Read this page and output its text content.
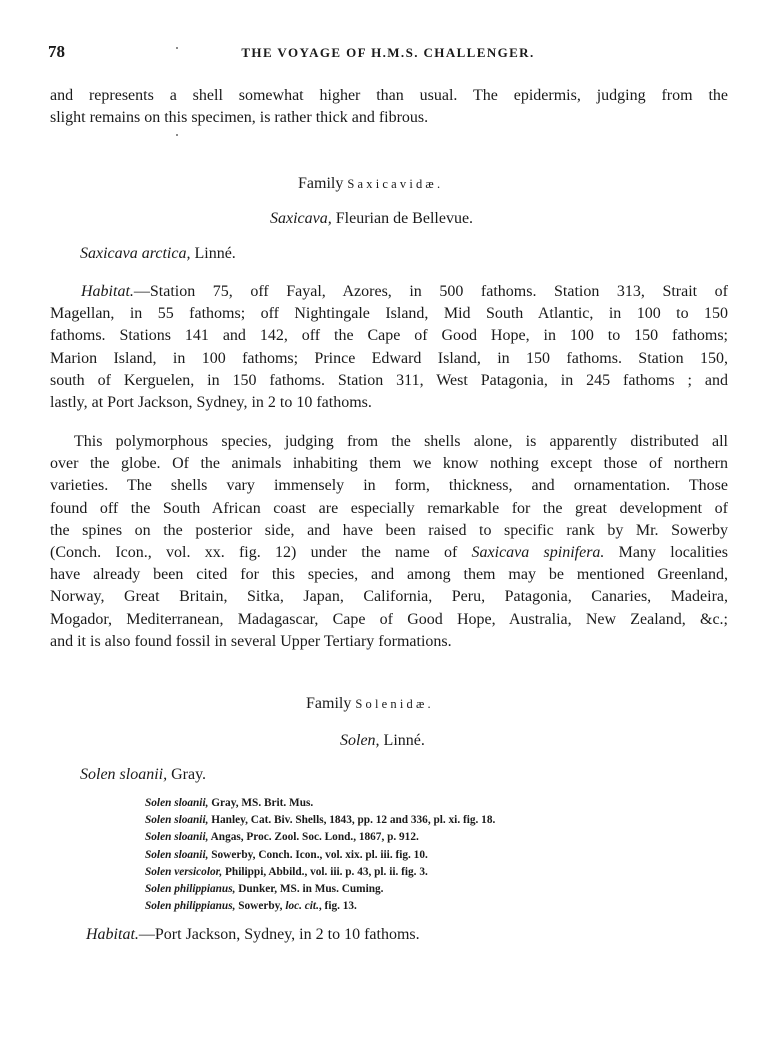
78	THE VOYAGE OF H.M.S. CHALLENGER.
and represents a shell somewhat higher than usual. The epidermis, judging from the
slight remains on this specimen, is rather thick and fibrous.
Family Saxicavidæ.
Saxicava, Fleurian de Bellevue.
Saxicava arctica, Linné.
Habitat.—Station 75, off Fayal, Azores, in 500 fathoms. Station 313, Strait of
Magellan, in 55 fathoms; off Nightingale Island, Mid South Atlantic, in 100 to 150
fathoms. Stations 141 and 142, off the Cape of Good Hope, in 100 to 150 fathoms;
Marion Island, in 100 fathoms; Prince Edward Island, in 150 fathoms. Station 150,
south of Kerguelen, in 150 fathoms. Station 311, West Patagonia, in 245 fathoms ; and
lastly, at Port Jackson, Sydney, in 2 to 10 fathoms.
This polymorphous species, judging from the shells alone, is apparently distributed all
over the globe. Of the animals inhabiting them we know nothing except those of northern
varieties. The shells vary immensely in form, thickness, and ornamentation. Those
found off the South African coast are especially remarkable for the great development of
the spines on the posterior side, and have been raised to specific rank by Mr. Sowerby
(Conch. Icon., vol. xx. fig. 12) under the name of Saxicava spinifera. Many localities
have already been cited for this species, and among them may be mentioned Greenland,
Norway, Great Britain, Sitka, Japan, California, Peru, Patagonia, Canaries, Madeira,
Mogador, Mediterranean, Madagascar, Cape of Good Hope, Australia, New Zealand, &c.;
and it is also found fossil in several Upper Tertiary formations.
Family Solenidæ.
Solen, Linné.
Solen sloanii, Gray.
Solen sloanii, Gray, MS. Brit. Mus.
Solen sloanii, Hanley, Cat. Biv. Shells, 1843, pp. 12 and 336, pl. xi. fig. 18.
Solen sloanii, Angas, Proc. Zool. Soc. Lond., 1867, p. 912.
Solen sloanii, Sowerby, Conch. Icon., vol. xix. pl. iii. fig. 10.
Solen versicolor, Philippi, Abbild., vol. iii. p. 43, pl. ii. fig. 3.
Solen philippianus, Dunker, MS. in Mus. Cuming.
Solen philippianus, Sowerby, loc. cit., fig. 13.
Habitat.—Port Jackson, Sydney, in 2 to 10 fathoms.
